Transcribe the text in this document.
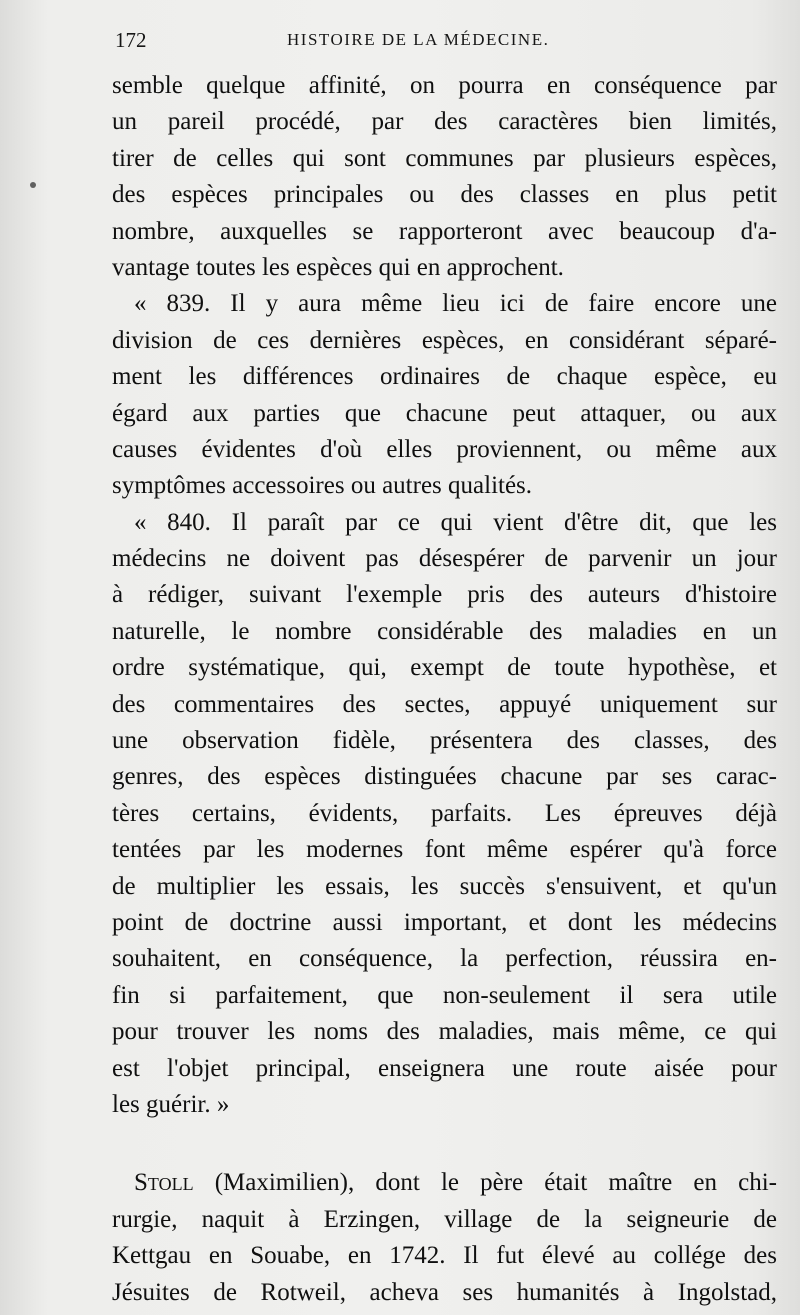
172	HISTOIRE DE LA MÉDECINE.
semble quelque affinité, on pourra en conséquence par
un pareil procédé, par des caractères bien limités,
tirer de celles qui sont communes par plusieurs espèces,
des espèces principales ou des classes en plus petit
nombre, auxquelles se rapporteront avec beaucoup d'a-
vantage toutes les espèces qui en approchent.
« 839. Il y aura même lieu ici de faire encore une
division de ces dernières espèces, en considérant séparé-
ment les différences ordinaires de chaque espèce, eu
égard aux parties que chacune peut attaquer, ou aux
causes évidentes d'où elles proviennent, ou même aux
symptômes accessoires ou autres qualités.
« 840. Il paraît par ce qui vient d'être dit, que les
médecins ne doivent pas désespérer de parvenir un jour
à rédiger, suivant l'exemple pris des auteurs d'histoire
naturelle, le nombre considérable des maladies en un
ordre systématique, qui, exempt de toute hypothèse, et
des commentaires des sectes, appuyé uniquement sur
une observation fidèle, présentera des classes, des
genres, des espèces distinguées chacune par ses carac-
tères certains, évidents, parfaits. Les épreuves déjà
tentées par les modernes font même espérer qu'à force
de multiplier les essais, les succès s'ensuivent, et qu'un
point de doctrine aussi important, et dont les médecins
souhaitent, en conséquence, la perfection, réussira en-
fin si parfaitement, que non-seulement il sera utile
pour trouver les noms des maladies, mais même, ce qui
est l'objet principal, enseignera une route aisée pour
les guérir. »
Stoll (Maximilien), dont le père était maître en chi-
rurgie, naquit à Erzingen, village de la seigneurie de
Kettgau en Souabe, en 1742. Il fut élevé au collége des
Jésuites de Rotweil, acheva ses humanités à Ingolstad,
